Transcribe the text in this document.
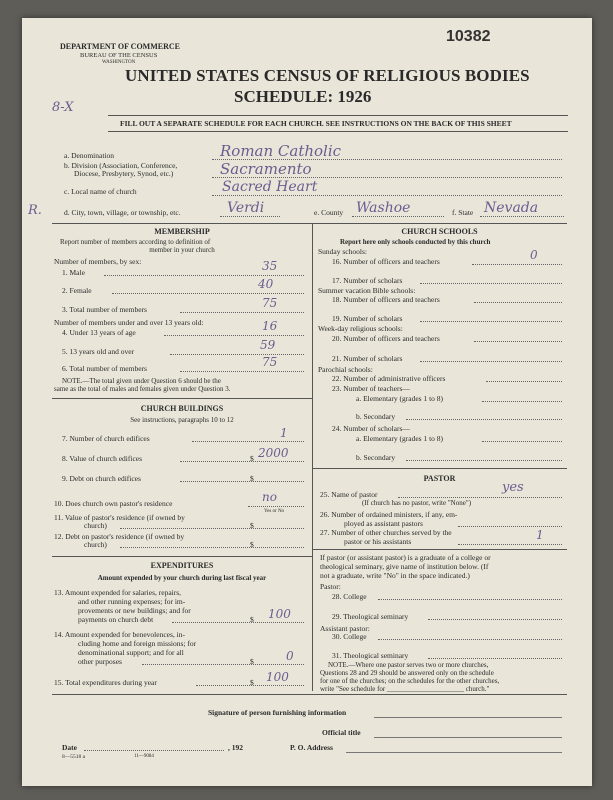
DEPARTMENT OF COMMERCE
BUREAU OF THE CENSUS
WASHINGTON
10382
UNITED STATES CENSUS OF RELIGIOUS BODIES
SCHEDULE: 1926
8-X
FILL OUT A SEPARATE SCHEDULE FOR EACH CHURCH. SEE INSTRUCTIONS ON THE BACK OF THIS SHEET
a. Denomination	Roman Catholic
b. Division (Association, Conference,
Diocese, Presbytery, Synod, etc.)	Sacramento
c. Local name of church	Sacred Heart
R.	d. City, town, village, or township, etc.	Verdi	e. County Washoe	f. State Nevada
MEMBERSHIP
Report number of members according to definition of
member in your church
Number of members, by sex:
1. Male	35
2. Female	40
3. Total number of members	75
Number of members under and over 13 years old:
4. Under 13 years of age	16
5. 13 years old and over	59
6. Total number of members	75
NOTE.—The total given under Question 6 should be the
same as the total of males and females given under Question 3.
CHURCH BUILDINGS
See instructions, paragraphs 10 to 12
7. Number of church edifices	1
8. Value of church edifices	$ 2000
9. Debt on church edifices	$
10. Does church own pastor's residence	no
Yes or No
11. Value of pastor's residence (if owned by
church)	$
12. Debt on pastor's residence (if owned by
church)	$
EXPENDITURES
Amount expended by your church during last fiscal year
13. Amount expended for salaries, repairs,
and other running expenses; for im-
provements or new buildings; and for
payments on church debt	$ 100
14. Amount expended for benevolences, in-
cluding home and foreign missions; for
denominational support; and for all
other purposes	$	0
15. Total expenditures during year	$ 100
CHURCH SCHOOLS
Report here only schools conducted by this church
Sunday schools:
16. Number of officers and teachers	0
17. Number of scholars
Summer vacation Bible schools:
18. Number of officers and teachers
19. Number of scholars
Week-day religious schools:
20. Number of officers and teachers
21. Number of scholars
Parochial schools:
22. Number of administrative officers
23. Number of teachers—
a. Elementary (grades 1 to 8)
b. Secondary
24. Number of scholars—
a. Elementary (grades 1 to 8)
b. Secondary
PASTOR
25. Name of pastor	yes
(If church has no pastor, write "None")
26. Number of ordained ministers, if any, em-
ployed as assistant pastors
27. Number of other churches served by the
pastor or his assistants	1
If pastor (or assistant pastor) is a graduate of a college or
theological seminary, give name of institution below. (If
not a graduate, write "No" in the space indicated.)
Pastor:
28. College
29. Theological seminary
Assistant pastor:
30. College
31. Theological seminary
NOTE.—Where one pastor serves two or more churches,
Questions 28 and 29 should be answered only on the schedule
for one of the churches; on the schedules for the other churches,
write "See schedule for ______________________ church."
Signature of person furnishing information
Official title
Date	, 192	P. O. Address
8—5518 a	11—9084
